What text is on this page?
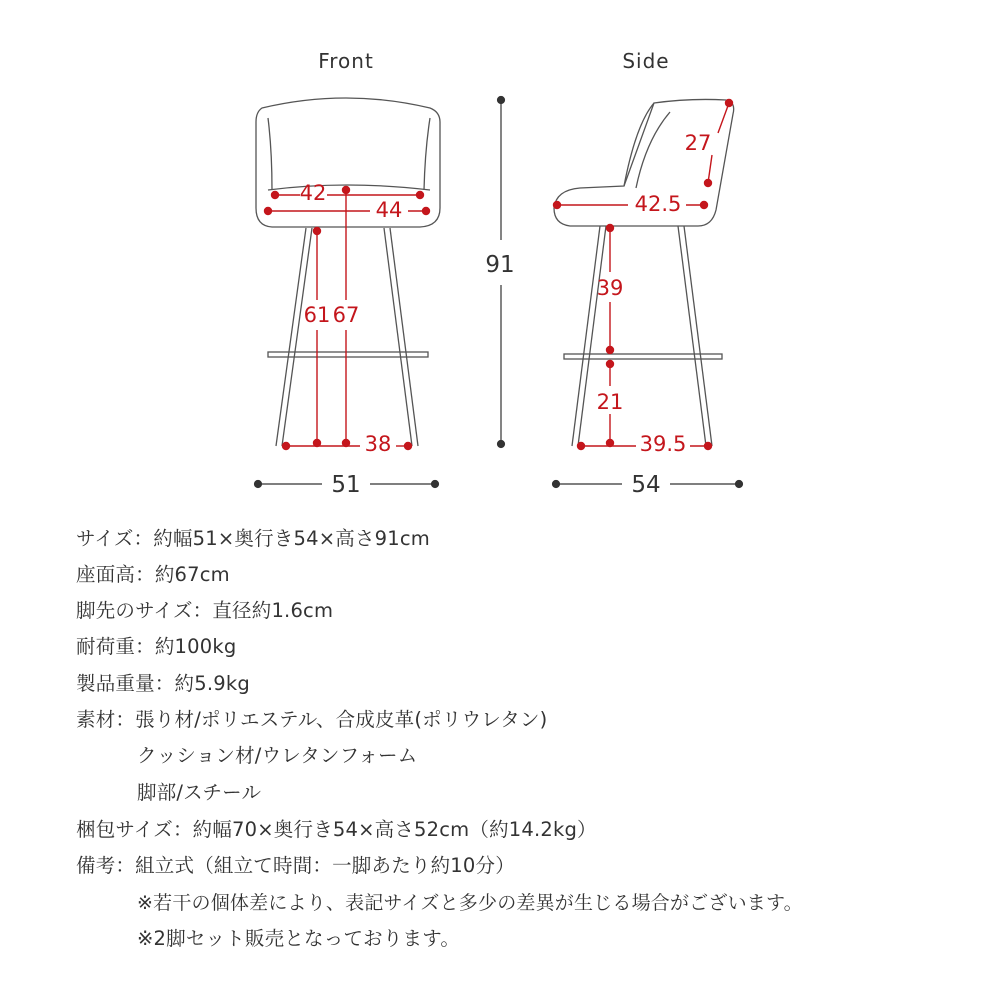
Front	Side
42
44
61 67
38
51
91
27
42.5
39
21
39.5
54
サイズ：約幅51×奥行き54×高さ91cm
座面高：約67cm
脚先のサイズ：直径約1.6cm
耐荷重：約100kg
製品重量：約5.9kg
素材：張り材/ポリエステル、合成皮革(ポリウレタン)
クッション材/ウレタンフォーム
脚部/スチール
梱包サイズ：約幅70×奥行き54×高さ52cm（約14.2kg）
備考：組立式（組立て時間：一脚あたり約10分）
※若干の個体差により、表記サイズと多少の差異が生じる場合がございます。
※2脚セット販売となっております。
